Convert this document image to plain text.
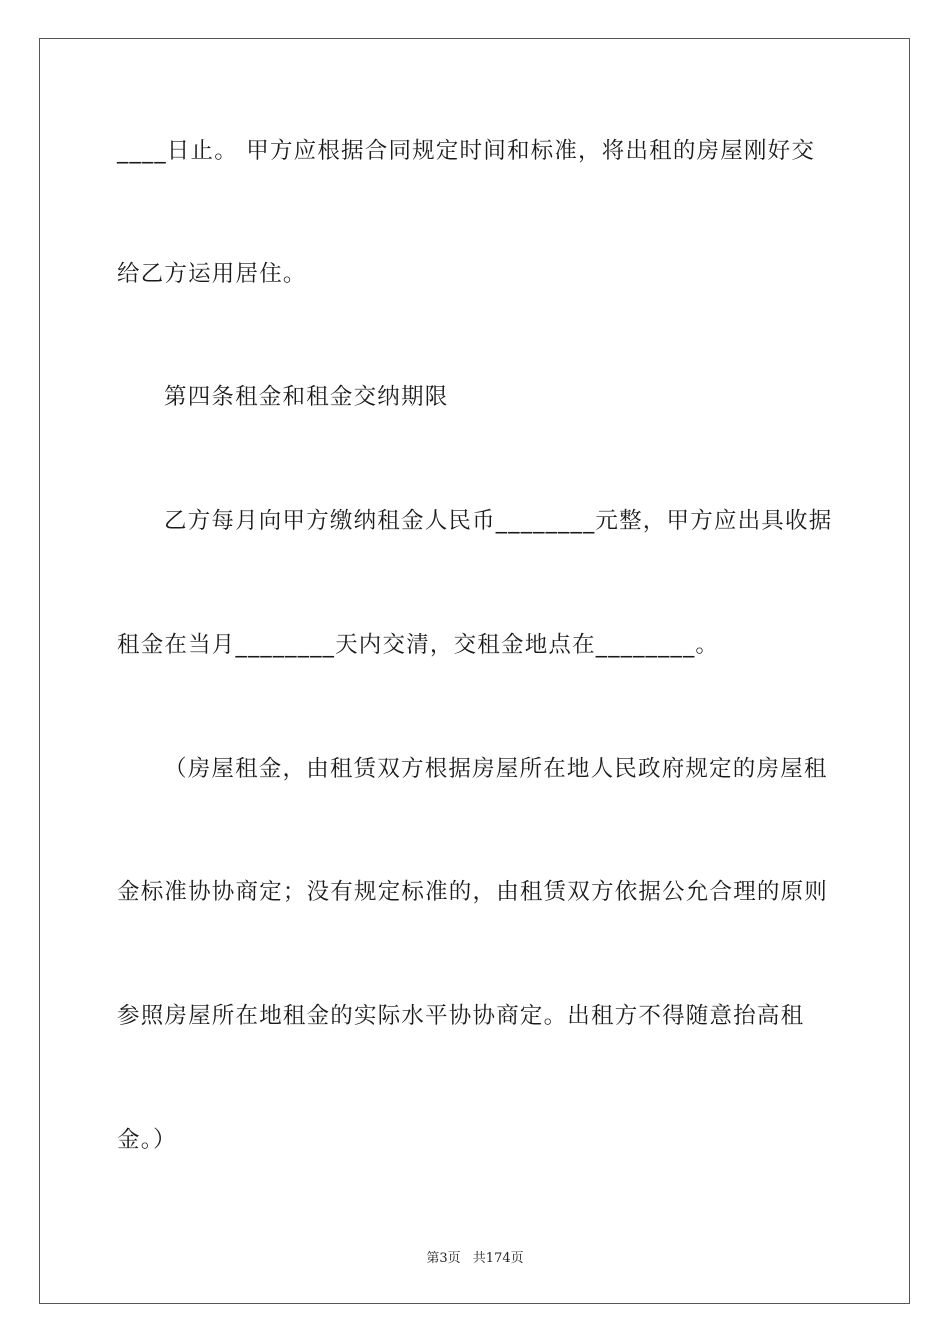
____日止。 甲方应根据合同规定时间和标准，将出租的房屋刚好交
给乙方运用居住。
第四条租金和租金交纳期限
乙方每月向甲方缴纳租金人民币________元整，甲方应出具收据
租金在当月________天内交清，交租金地点在________。
（房屋租金，由租赁双方根据房屋所在地人民政府规定的房屋租
金标准协协商定；没有规定标准的，由租赁双方依据公允合理的原则
参照房屋所在地租金的实际水平协协商定。出租方不得随意抬高租
金。）
第3页 共174页
